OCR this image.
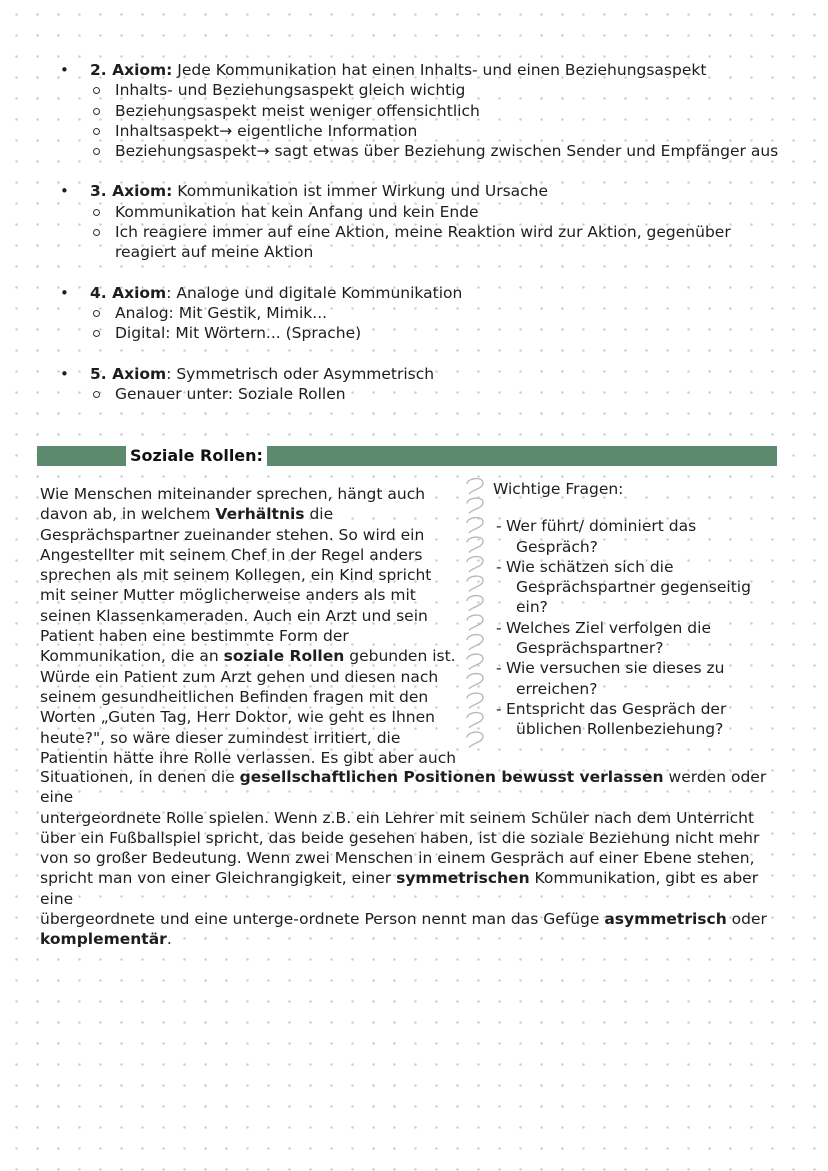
• 2. Axiom: Jede Kommunikation hat einen Inhalts- und einen Beziehungsaspekt
Inhalts- und Beziehungsaspekt gleich wichtig
Beziehungsaspekt meist weniger offensichtlich
Inhaltsaspekt→ eigentliche Information
Beziehungsaspekt→ sagt etwas über Beziehung zwischen Sender und Empfänger aus
• 3. Axiom: Kommunikation ist immer Wirkung und Ursache
Kommunikation hat kein Anfang und kein Ende
Ich reagiere immer auf eine Aktion, meine Reaktion wird zur Aktion, gegenüber
reagiert auf meine Aktion
• 4. Axiom: Analoge und digitale Kommunikation
Analog: Mit Gestik, Mimik...
Digital: Mit Wörtern... (Sprache)
• 5. Axiom: Symmetrisch oder Asymmetrisch
Genauer unter: Soziale Rollen
Soziale Rollen:
Wie Menschen miteinander sprechen, hängt auch
davon ab, in welchem Verhältnis die
Gesprächspartner zueinander stehen. So wird ein
Angestellter mit seinem Chef in der Regel anders
sprechen als mit seinem Kollegen, ein Kind spricht
mit seiner Mutter möglicherweise anders als mit
seinen Klassenkameraden. Auch ein Arzt und sein
Patient haben eine bestimmte Form der
Kommunikation, die an soziale Rollen gebunden ist.
Würde ein Patient zum Arzt gehen und diesen nach
seinem gesundheitlichen Befinden fragen mit den
Worten „Guten Tag, Herr Doktor, wie geht es Ihnen
heute?", so wäre dieser zumindest irritiert, die
Patientin hätte ihre Rolle verlassen. Es gibt aber auch
Wichtige Fragen:
- Wer führt/ dominiert das
Gespräch?
- Wie schätzen sich die
Gesprächspartner gegenseitig
ein?
- Welches Ziel verfolgen die
Gesprächspartner?
- Wie versuchen sie dieses zu
erreichen?
- Entspricht das Gespräch der
üblichen Rollenbeziehung?
Situationen, in denen die gesellschaftlichen Positionen bewusst verlassen werden oder eine
untergeordnete Rolle spielen. Wenn z.B. ein Lehrer mit seinem Schüler nach dem Unterricht
über ein Fußballspiel spricht, das beide gesehen haben, ist die soziale Beziehung nicht mehr
von so großer Bedeutung. Wenn zwei Menschen in einem Gespräch auf einer Ebene stehen,
spricht man von einer Gleichrangigkeit, einer symmetrischen Kommunikation, gibt es aber eine
übergeordnete und eine unterge-ordnete Person nennt man das Gefüge asymmetrisch oder
komplementär.
